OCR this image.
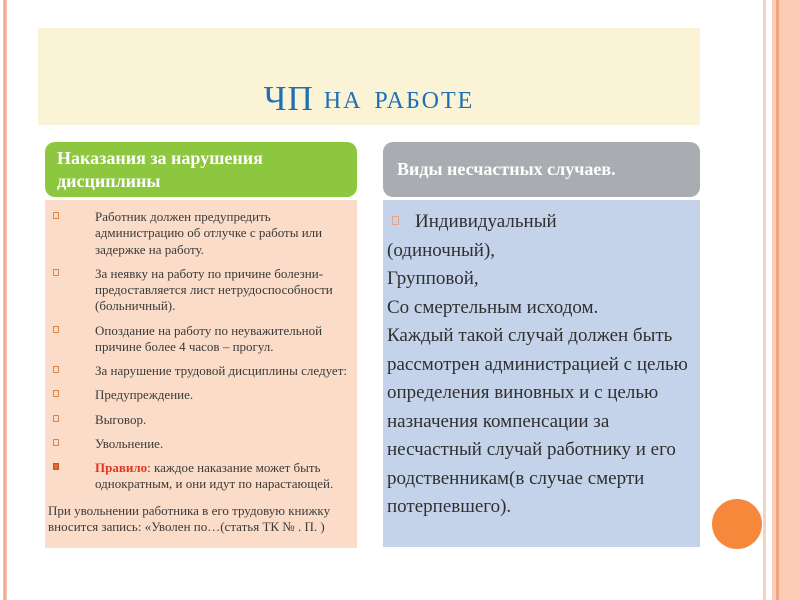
ЧП НА РАБОТЕ
Наказания за нарушения дисциплины
Виды несчастных случаев.
Работник должен предупредить администрацию об отлучке с работы или задержке на работу.
За неявку на работу по причине болезни-предоставляется лист нетрудоспособности (больничный).
Опоздание на работу по неуважительной причине более 4 часов – прогул.
За нарушение трудовой дисциплины следует:
Предупреждение.
Выговор.
Увольнение.
Правило: каждое наказание может быть однократным, и они идут по нарастающей.
При увольнении работника в его трудовую книжку вносится запись: «Уволен по…(статья ТК № . П. )
Индивидуальный
(одиночный),
Групповой,
Со смертельным исходом.
Каждый такой случай должен быть рассмотрен администрацией с целью определения виновных и с целью назначения компенсации за несчастный случай работнику и его родственникам(в случае смерти потерпевшего).
